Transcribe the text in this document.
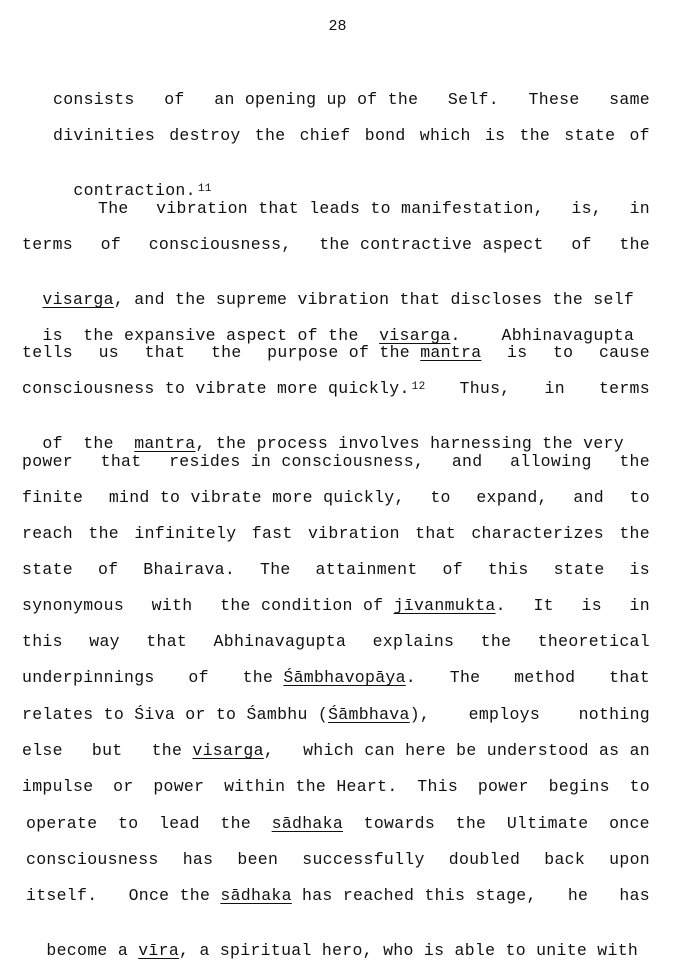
28
consists of an opening up of the Self. These same
divinities destroy the chief bond which is the state of

contraction. $^{11}$

The vibration that leads to manifestation, is, in
terms of consciousness, the contractive aspect of the

visarga, and the supreme vibration that discloses the self

is the expansive aspect of the visarga. Abhinavagupta

tells us that the purpose of the mantra is to cause
consciousness to vibrate more quickly. $^{12}$ Thus, in terms

of the mantra, the process involves harnessing the very

power that resides in consciousness, and allowing the
finite mind to vibrate more quickly, to expand, and to
reach the infinitely fast vibration that characterizes the
state of Bhairava. The attainment of this state is
synonymous with the condition of jīvanmukta. It is in
this way that Abhinavagupta explains the theoretical
underpinnings of the Śāmbhavopāya. The method that
relates to Śiva or to Śambhu (Śāmbhava), employs nothing
else but the visarga, which can here be understood as an
impulse or power within the Heart. This power begins to
operate to lead the sādhaka towards the Ultimate once
consciousness has been successfully doubled back upon
itself. Once the sādhaka has reached this stage, he has

become a vīra, a spiritual hero, who is able to unite with
